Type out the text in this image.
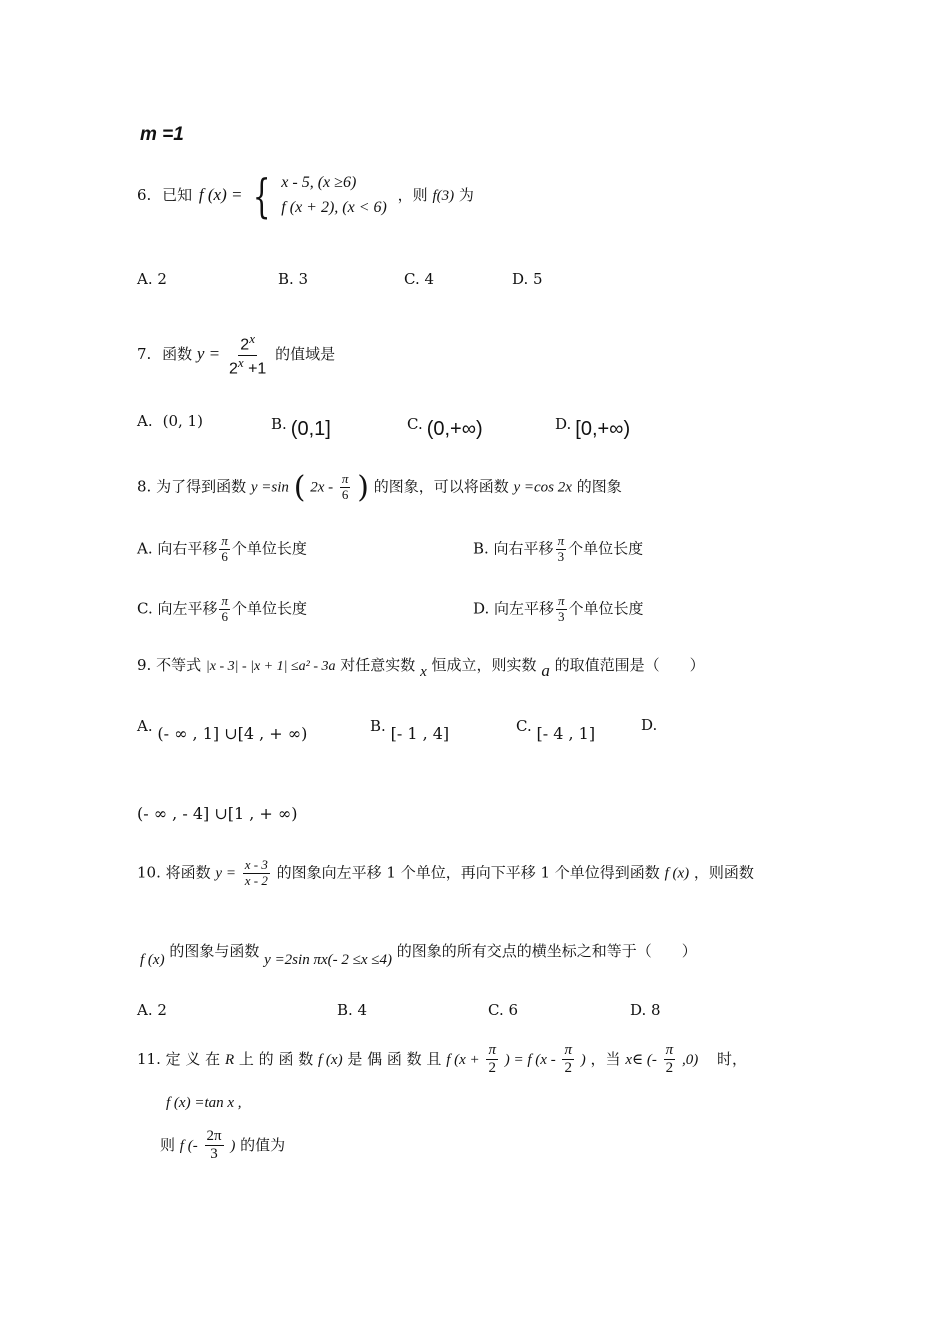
m =1
6. 已知 f (x) = { x - 5, (x ≥6)
f (x + 2), (x < 6)
，则 f(3) 为
A. 2	B. 3	C. 4	D. 5
7. 函数 $y = \frac{2^x}{2^x +1}$ 的值域是
A. (0, 1)	B. (0,1]	C. (0,+∞)	D. [0,+∞)
8. 为了得到函数 y =sin ( $2x - \frac{\pi}{6}$ ) 的图象，可以将函数 y =cos 2x 的图象
A. 向右平移 $\frac{\pi}{6}$ 个单位长度	B. 向右平移 $\frac{\pi}{3}$ 个单位长度
C. 向左平移 $\frac{\pi}{6}$ 个单位长度	D. 向左平移 $\frac{\pi}{3}$ 个单位长度
9. 不等式 |x - 3| - |x + 1| ≤a² - 3a 对任意实数 x 恒成立，则实数 a 的取值范围是（　　）
A. (- ∞ , 1] ∪[4 , + ∞)	B. [- 1 , 4]	C. [- 4 , 1]	D.
(- ∞ , - 4] ∪[1 , + ∞)
10. 将函数 $y = \frac{x - 3}{x - 2}$ 的图象向左平移 1 个单位，再向下平移 1 个单位得到函数 f (x) ，则函数
f (x) 的图象与函数 y =2sin πx(- 2 ≤x ≤4) 的图象的所有交点的横坐标之和等于（　　）
A. 2	B. 4	C. 6	D. 8
11. 定 义 在 R 上 的 函 数 f (x) 是 偶 函 数 且 f ($x + \frac{\pi}{2}$ ) = f ($x - \frac{\pi}{2}$ ) ，当 x∈ (- $\frac{\pi}{2} ,0$) 时，
f (x) =tan x ,
则 f (- $\frac{2\pi}{3}$ ) 的值为
